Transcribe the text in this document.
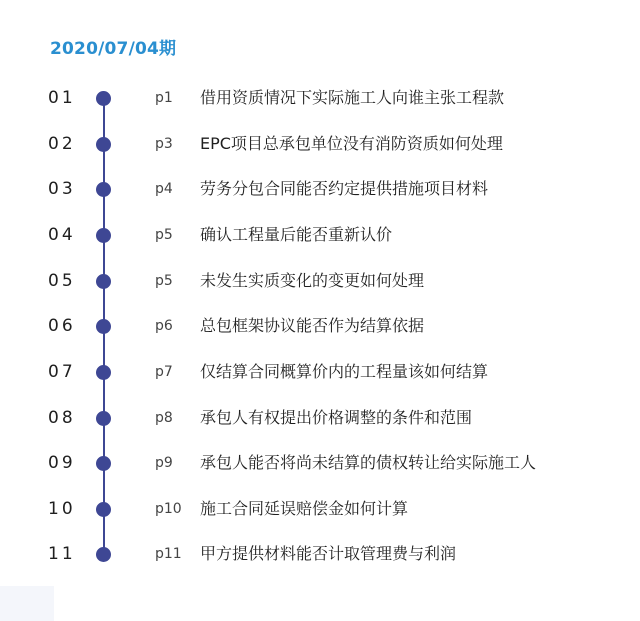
2020/07/04期
01	p1 借用资质情况下实际施工人向谁主张工程款
02	p3 EPC项目总承包单位没有消防资质如何处理
03	p4 劳务分包合同能否约定提供措施项目材料
04	p5 确认工程量后能否重新认价
05	p5 未发生实质变化的变更如何处理
06	p6 总包框架协议能否作为结算依据
07	p7 仅结算合同概算价内的工程量该如何结算
08	p8 承包人有权提出价格调整的条件和范围
09	p9 承包人能否将尚未结算的债权转让给实际施工人
10	p10 施工合同延误赔偿金如何计算
11	p11 甲方提供材料能否计取管理费与利润
